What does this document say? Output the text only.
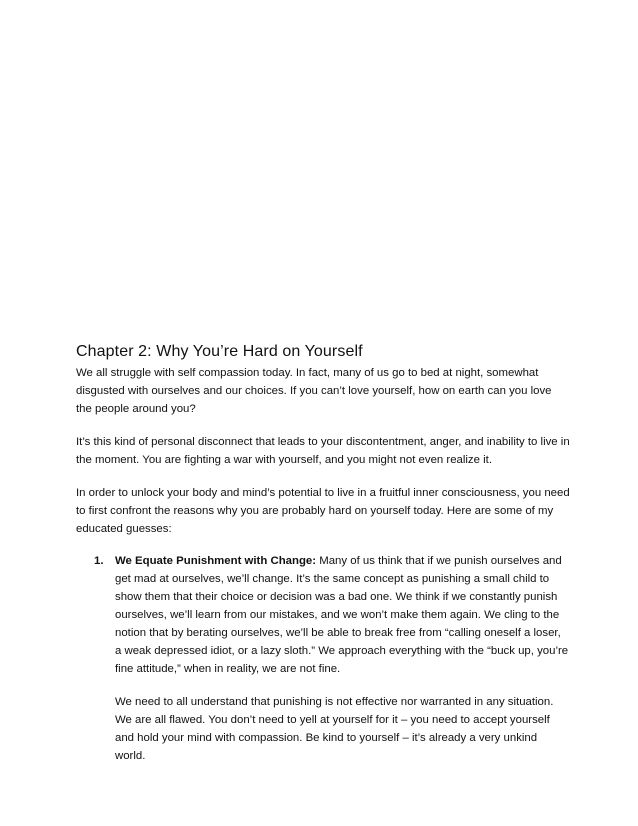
Chapter 2: Why You’re Hard on Yourself

We all struggle with self compassion today. In fact, many of us go to bed at night, somewhat disgusted with ourselves and our choices. If you can’t love yourself, how on earth can you love the people around you?

It’s this kind of personal disconnect that leads to your discontentment, anger, and inability to live in the moment. You are fighting a war with yourself, and you might not even realize it.

In order to unlock your body and mind’s potential to live in a fruitful inner consciousness, you need to first confront the reasons why you are probably hard on yourself today. Here are some of my educated guesses:

1. We Equate Punishment with Change: Many of us think that if we punish ourselves and get mad at ourselves, we’ll change. It’s the same concept as punishing a small child to show them that their choice or decision was a bad one. We think if we constantly punish ourselves, we’ll learn from our mistakes, and we won’t make them again. We cling to the notion that by berating ourselves, we’ll be able to break free from “calling oneself a loser, a weak depressed idiot, or a lazy sloth.” We approach everything with the “buck up, you’re fine attitude,” when in reality, we are not fine.

We need to all understand that punishing is not effective nor warranted in any situation. We are all flawed. You don’t need to yell at yourself for it – you need to accept yourself and hold your mind with compassion. Be kind to yourself – it’s already a very unkind world.
